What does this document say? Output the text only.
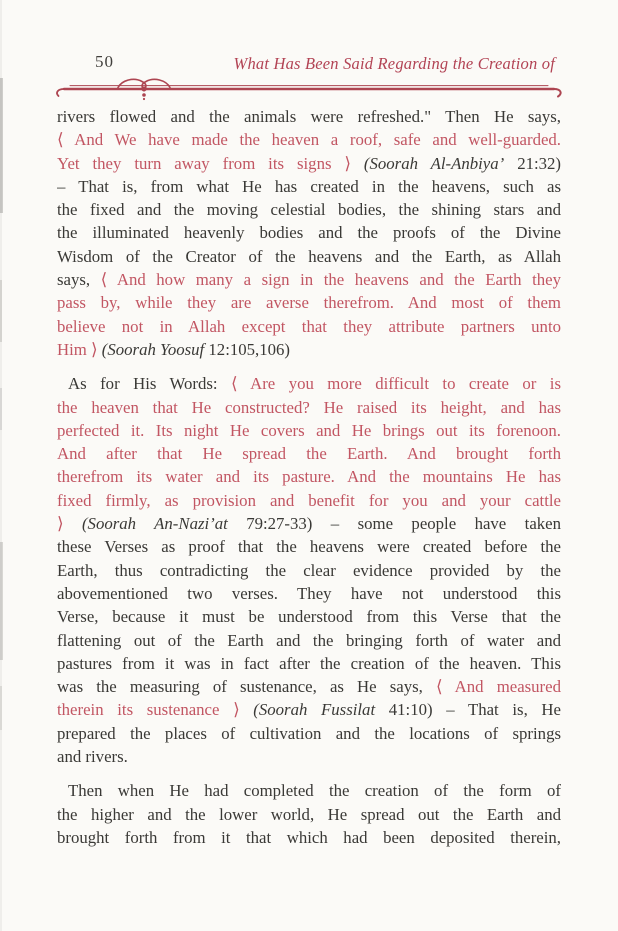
50	What Has Been Said Regarding the Creation of
rivers flowed and the animals were refreshed." Then He says,
⟨ And We have made the heaven a roof, safe and well-guarded.
Yet they turn away from its signs ⟩ (Soorah Al-Anbiya’ 21:32)
– That is, from what He has created in the heavens, such as
the fixed and the moving celestial bodies, the shining stars and
the illuminated heavenly bodies and the proofs of the Divine
Wisdom of the Creator of the heavens and the Earth, as Allah
says, ⟨ And how many a sign in the heavens and the Earth they
pass by, while they are averse therefrom. And most of them
believe not in Allah except that they attribute partners unto
Him ⟩ (Soorah Yoosuf 12:105,106)
As for His Words: ⟨ Are you more difficult to create or is
the heaven that He constructed? He raised its height, and has
perfected it. Its night He covers and He brings out its forenoon.
And after that He spread the Earth. And brought forth
therefrom its water and its pasture. And the mountains He has
fixed firmly, as provision and benefit for you and your cattle
⟩ (Soorah An-Nazi’at 79:27-33) – some people have taken
these Verses as proof that the heavens were created before the
Earth, thus contradicting the clear evidence provided by the
abovementioned two verses. They have not understood this
Verse, because it must be understood from this Verse that the
flattening out of the Earth and the bringing forth of water and
pastures from it was in fact after the creation of the heaven. This
was the measuring of sustenance, as He says, ⟨ And measured
therein its sustenance ⟩ (Soorah Fussilat 41:10) – That is, He
prepared the places of cultivation and the locations of springs
and rivers.
Then when He had completed the creation of the form of
the higher and the lower world, He spread out the Earth and
brought forth from it that which had been deposited therein,
